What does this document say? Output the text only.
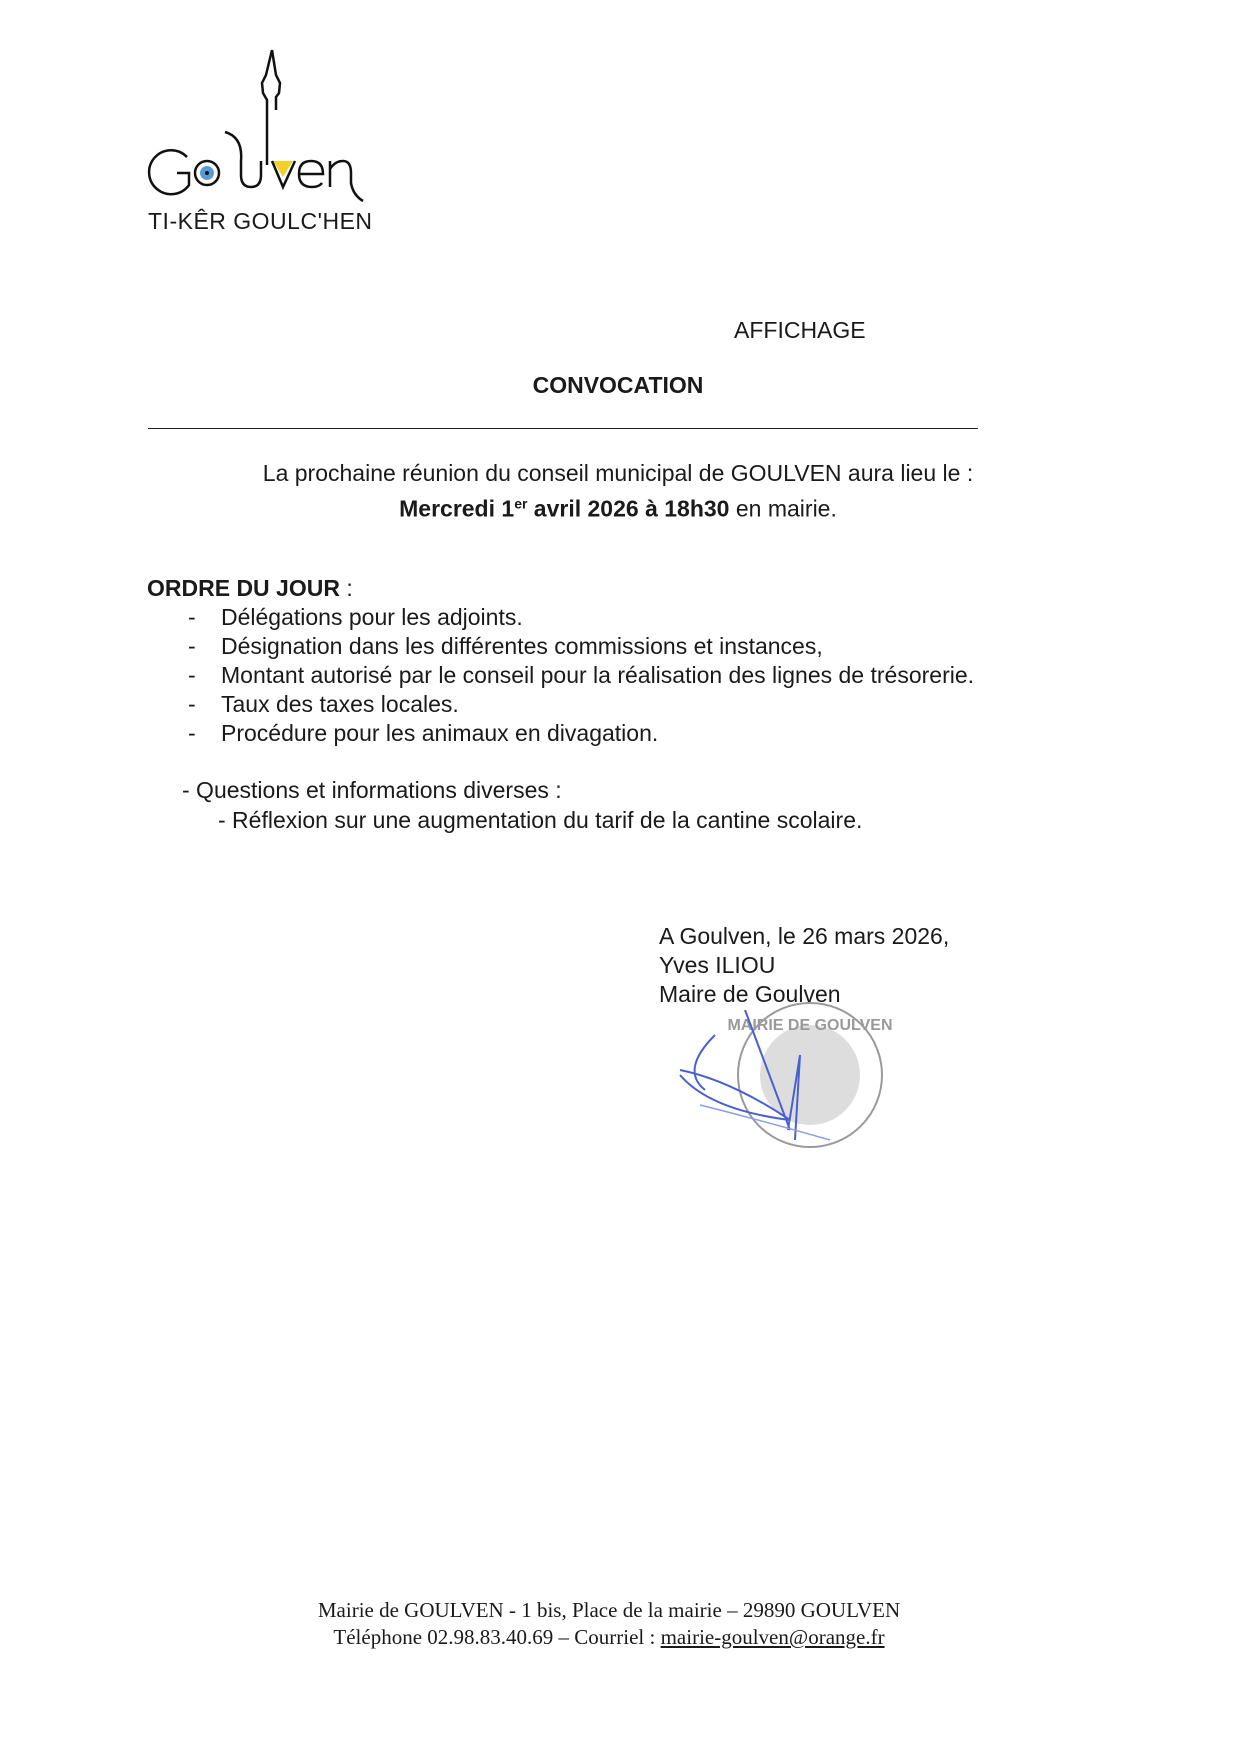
TI-KÊR GOULC'HEN
AFFICHAGE
CONVOCATION
La prochaine réunion du conseil municipal de GOULVEN aura lieu le :
Mercredi 1er avril 2026 à 18h30 en mairie.
ORDRE DU JOUR :
- Délégations pour les adjoints.
- Désignation dans les différentes commissions et instances,
- Montant autorisé par le conseil pour la réalisation des lignes de trésorerie.
- Taux des taxes locales.
- Procédure pour les animaux en divagation.
- Questions et informations diverses :
- Réflexion sur une augmentation du tarif de la cantine scolaire.
A Goulven, le 26 mars 2026,
Yves ILIOU
Maire de Goulven
MAIRIE DE GOULVEN
Mairie de GOULVEN - 1 bis, Place de la mairie – 29890 GOULVEN
Téléphone 02.98.83.40.69 – Courriel : mairie-goulven@orange.fr
